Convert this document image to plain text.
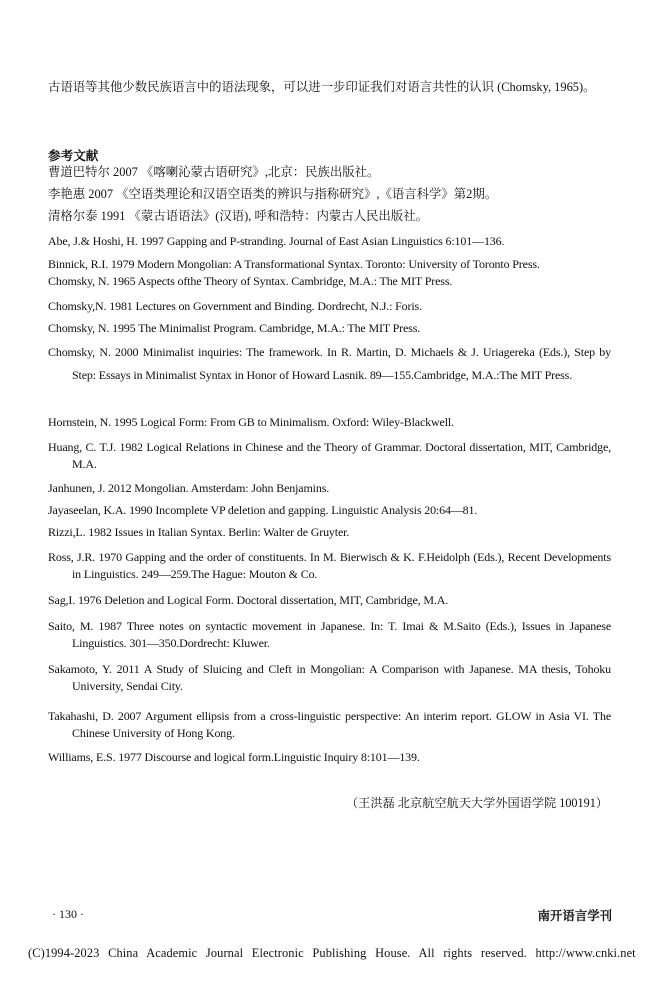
古语语等其他少数民族语言中的语法现象，可以进一步印证我们对语言共性的认识 (Chomsky, 1965)。

参考文献
曹道巴特尔 2007 《喀喇沁蒙古语研究》,北京：民族出版社。
李艳惠 2007 《空语类理论和汉语空语类的辨识与指称研究》,《语言科学》第2期。
清格尔泰 1991 《蒙古语语法》(汉语), 呼和浩特：内蒙古人民出版社。
Abe, J.& Hoshi, H. 1997 Gapping and P-stranding. Journal of East Asian Linguistics 6:101—136.
Binnick, R.I. 1979 Modern Mongolian: A Transformational Syntax. Toronto: University of Toronto Press.
Chomsky, N. 1965 Aspects ofthe Theory of Syntax. Cambridge, M.A.: The MIT Press.
Chomsky,N. 1981 Lectures on Government and Binding. Dordrecht, N.J.: Foris.
Chomsky, N. 1995 The Minimalist Program. Cambridge, M.A.: The MIT Press.
Chomsky, N. 2000 Minimalist inquiries: The framework. In R. Martin, D. Michaels & J. Uriagereka (Eds.), Step by Step: Essays in Minimalist Syntax in Honor of Howard Lasnik. 89—155.Cambridge, M.A.:The MIT Press.
Hornstein, N. 1995 Logical Form: From GB to Minimalism. Oxford: Wiley-Blackwell.
Huang, C. T.J. 1982 Logical Relations in Chinese and the Theory of Grammar. Doctoral dissertation, MIT, Cambridge, M.A.
Janhunen, J. 2012 Mongolian. Amsterdam: John Benjamins.
Jayaseelan, K.A. 1990 Incomplete VP deletion and gapping. Linguistic Analysis 20:64—81.
Rizzi,L. 1982 Issues in Italian Syntax. Berlin: Walter de Gruyter.
Ross, J.R. 1970 Gapping and the order of constituents. In M. Bierwisch & K. F.Heidolph (Eds.), Recent Developments in Linguistics. 249—259.The Hague: Mouton & Co.
Sag,I. 1976 Deletion and Logical Form. Doctoral dissertation, MIT, Cambridge, M.A.
Saito, M. 1987 Three notes on syntactic movement in Japanese. In: T. Imai & M.Saito (Eds.), Issues in Japanese Linguistics. 301—350.Dordrecht: Kluwer.
Sakamoto, Y. 2011 A Study of Sluicing and Cleft in Mongolian: A Comparison with Japanese. MA thesis, Tohoku University, Sendai City.
Takahashi, D. 2007 Argument ellipsis from a cross-linguistic perspective: An interim report. GLOW in Asia VI. The Chinese University of Hong Kong.
Williams, E.S. 1977 Discourse and logical form.Linguistic Inquiry 8:101—139.
（王洪磊 北京航空航天大学外国语学院 100191）
· 130 ·	南开语言学刊
(C)1994-2023 China Academic Journal Electronic Publishing House. All rights reserved. http://www.cnki.net
